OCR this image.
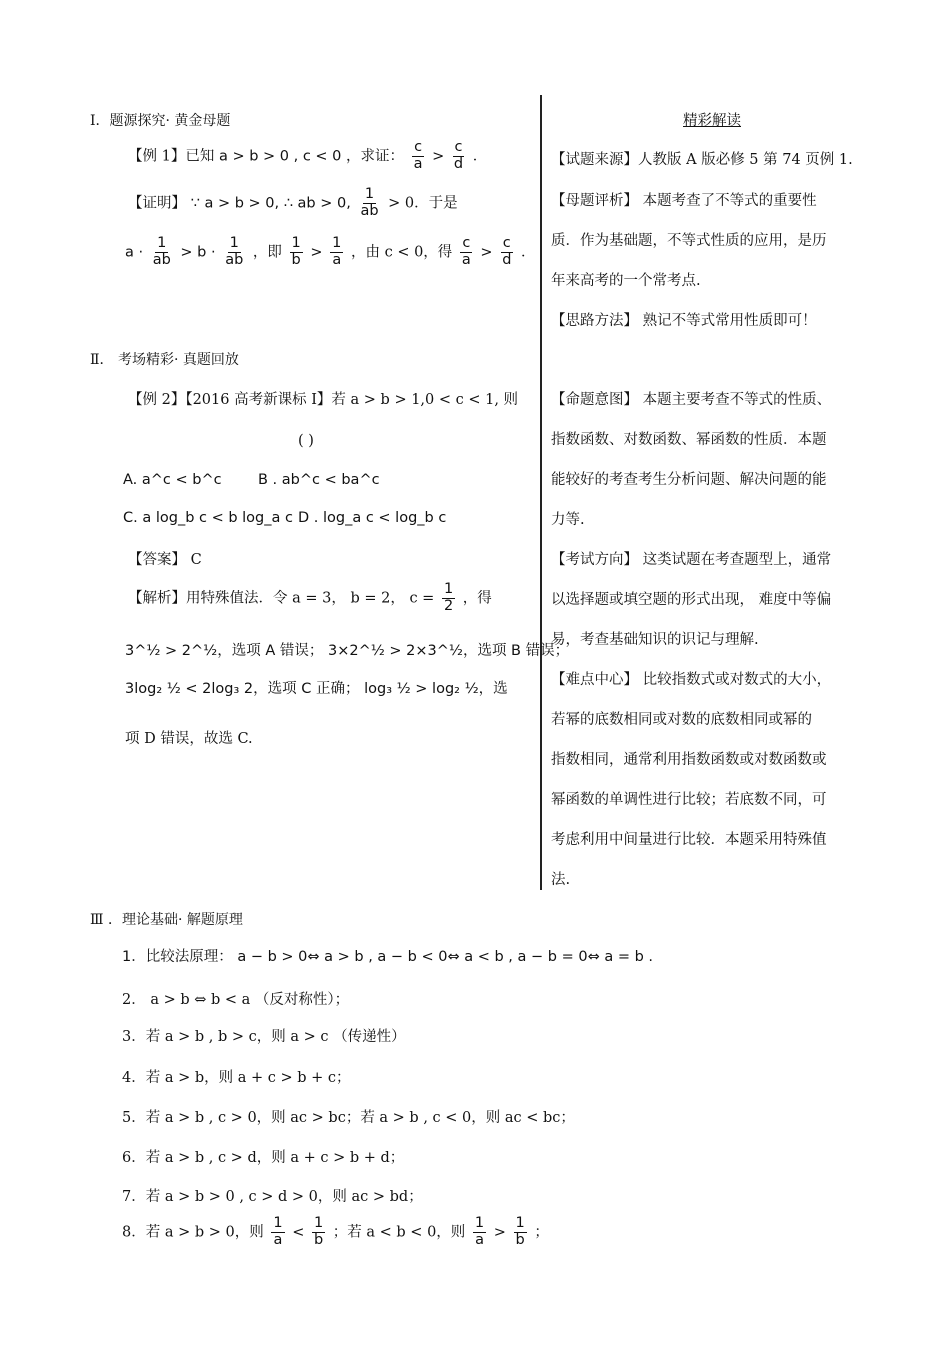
Ⅰ．题源探究· 黄金母题
【例 1】已知 a > b > 0 , c < 0 ，求证： $\frac{c}{a} > \frac{c}{d}$ ．
【证明】 ∵ a > b > 0, ∴ ab > 0, $\frac{1}{ab} > 0$．于是
$a \cdot \frac{1}{ab} > b \cdot \frac{1}{ab}$ ，即 $\frac{1}{b} > \frac{1}{a}$ ，由 c < 0，得 $\frac{c}{a} > \frac{c}{d}$ ．
Ⅱ． 考场精彩· 真题回放
【例 2】【2016 高考新课标 Ⅰ】若 a > b > 1,0 < c < 1, 则
( )
A. a^c < b^c	B . ab^c < ba^c
C. a log_b c < b log_a c D . log_a c < log_b c
【答案】 C
【解析】用特殊值法．令 a = 3， b = 2， $c = \frac{1}{2}$ ，得
3^½ > 2^½，选项 A 错误； 3×2^½ > 2×3^½，选项 B 错误；
3log₂ ½ < 2log₃ 2，选项 C 正确； log₃ ½ > log₂ ½，选
项 D 错误，故选 C.
精彩解读
【试题来源】人教版 A 版必修 5 第 74 页例 1.
【母题评析】 本题考查了不等式的重要性
质．作为基础题，不等式性质的应用，是历
年来高考的一个常考点.
【思路方法】 熟记不等式常用性质即可！
【命题意图】 本题主要考查不等式的性质、
指数函数、对数函数、幂函数的性质．本题
能较好的考查考生分析问题、解决问题的能
力等.
【考试方向】 这类试题在考查题型上，通常
以选择题或填空题的形式出现， 难度中等偏
易，考查基础知识的识记与理解.
【难点中心】 比较指数式或对数式的大小，
若幂的底数相同或对数的底数相同或幂的
指数相同，通常利用指数函数或对数函数或
幂函数的单调性进行比较；若底数不同，可
考虑利用中间量进行比较．本题采用特殊值
法.
Ⅲ ．理论基础· 解题原理
1．比较法原理： a − b > 0⇔ a > b , a − b < 0⇔ a < b , a − b = 0⇔ a = b .
2． a > b ⇔ b < a （反对称性）；
3．若 a > b , b > c，则 a > c （传递性）
4．若 a > b，则 a + c > b + c；
5．若 a > b , c > 0，则 ac > bc；若 a > b , c < 0，则 ac < bc；
6．若 a > b , c > d，则 a + c > b + d；
7．若 a > b > 0 , c > d > 0，则 ac > bd；
8．若 a > b > 0，则 $\frac{1}{a} < \frac{1}{b}$ ；若 a < b < 0，则 $\frac{1}{a} > \frac{1}{b}$ ；
